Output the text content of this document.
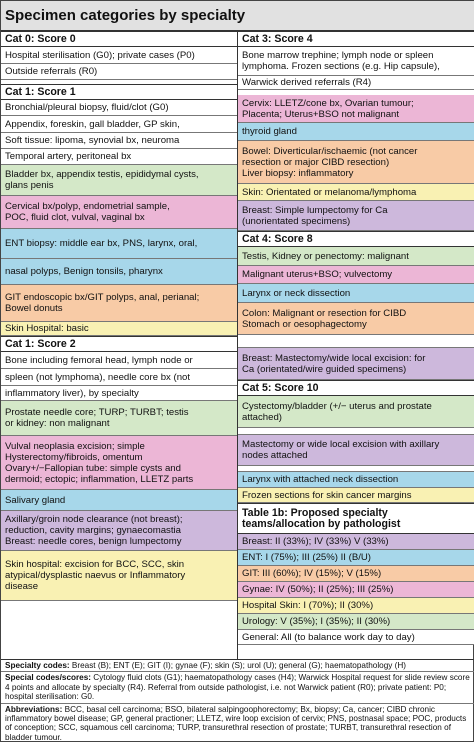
Specimen categories by specialty
Cat 0: Score 0
Hospital sterilisation (G0); private cases (P0)
Outside referrals (R0)
Cat 1: Score 1
Bronchial/pleural biopsy, fluid/clot (G0)
Appendix, foreskin, gall bladder, GP skin,
Soft tissue: lipoma, synovial bx, neuroma
Temporal artery, peritoneal bx
Bladder bx, appendix testis, epididymal cysts,
glans penis
Cervical bx/polyp, endometrial sample,
POC, fluid clot, vulval, vaginal bx
ENT biopsy: middle ear bx, PNS, larynx, oral,
nasal polyps, Benign tonsils, pharynx
GIT endoscopic bx/GIT polyps, anal, perianal;
Bowel donuts
Skin Hospital: basic
Cat 1: Score 2
Bone including femoral head, lymph node or
spleen (not lymphoma), needle core bx (not
inflammatory liver), by specialty
Prostate needle core; TURP; TURBT; testis
or kidney: non malignant
Vulval neoplasia excision; simple
Hysterectomy/fibroids, omentum
Ovary+/−Fallopian tube: simple cysts and
dermoid; ectopic; inflammation, LLETZ parts
Salivary gland
Axillary/groin node clearance (not breast);
reduction, cavity margins; gynaecomastia
Breast: needle cores, benign lumpectomy
Skin hospital: excision for BCC, SCC, skin
atypical/dysplastic naevus or Inflammatory
disease
Cat 3: Score 4
Bone marrow trephine; lymph node or spleen
lymphoma. Frozen sections (e.g. Hip capsule),
Warwick derived referrals (R4)
Cervix: LLETZ/cone bx, Ovarian tumour;
Placenta; Uterus+BSO not malignant
thyroid gland
Bowel: Diverticular/ischaemic (not cancer
resection or major CIBD resection)
Liver biopsy: inflammatory
Skin: Orientated or melanoma/lymphoma
Breast: Simple lumpectomy for Ca
(unorientated specimens)
Cat 4: Score 8
Testis, Kidney or penectomy: malignant
Malignant uterus+BSO; vulvectomy
Larynx or neck dissection
Colon: Malignant or resection for CIBD
Stomach or oesophagectomy
Breast: Mastectomy/wide local excision: for
Ca (orientated/wire guided specimens)
Cat 5: Score 10
Cystectomy/bladder (+/− uterus and prostate
attached)
Mastectomy or wide local excision with axillary
nodes attached
Larynx with attached neck dissection
Frozen sections for skin cancer margins
Table 1b: Proposed specialty
teams/allocation by pathologist
Breast: II (33%); IV (33%) V (33%)
ENT: I (75%); III (25%) II (B/U)
GIT: III (60%); IV (15%); V (15%)
Gynae: IV (50%); II (25%); III (25%)
Hospital Skin: I (70%); II (30%)
Urology: V (35%); I (35%); II (30%)
General: All (to balance work day to day)
Specialty codes: Breast (B); ENT (E); GIT (I); gynae (F); skin (S); urol (U); general (G); haematopathology (H)
Special codes/scores: Cytology fluid clots (G1); haematopathology cases (H4); Warwick Hospital request for slide review score 4 points and allocate by specialty (R4). Referral from outside pathologist, i.e. not Warwick patient (R0); private patient: P0; hospital sterilisation: G0.
Abbreviations: BCC, basal cell carcinoma; BSO, bilateral salpingoophorectomy; Bx, biopsy; Ca, cancer; CIBD chronic inflammatory bowel disease; GP, general practioner; LLETZ, wire loop excision of cervix; PNS, postnasal space; POC, products of conception; SCC, squamous cell carcinoma; TURP, transurethral resection of prostate; TURBT, transurethral resection of bladder tumour.
